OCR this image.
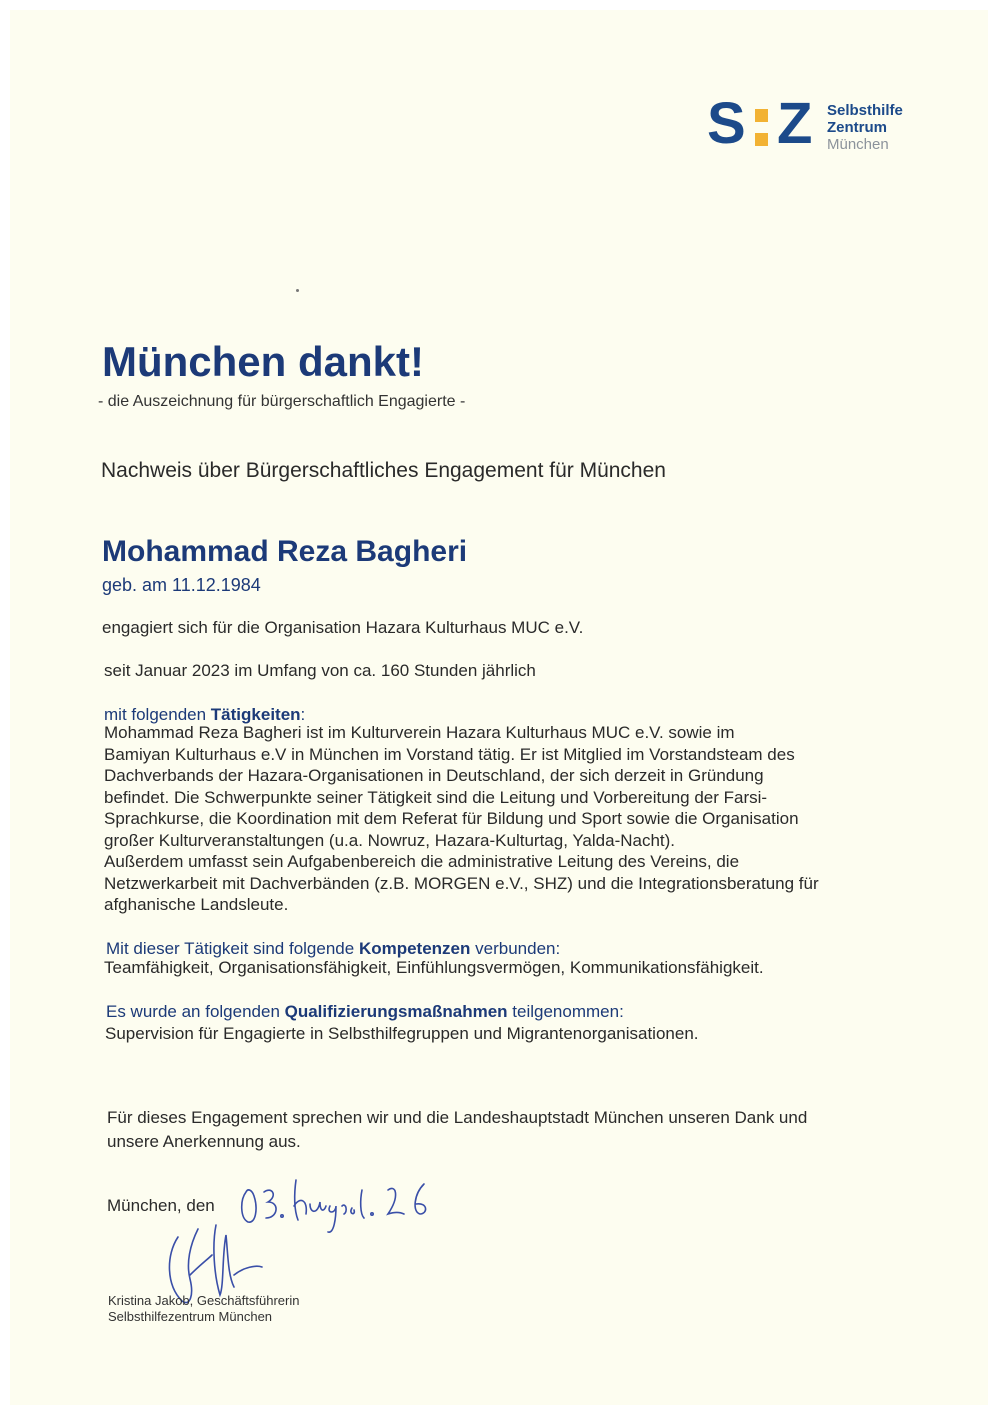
S Z Selbsthilfe
Zentrum
München
München dankt!
- die Auszeichnung für bürgerschaftlich Engagierte -
Nachweis über Bürgerschaftliches Engagement für München
Mohammad Reza Bagheri
geb. am 11.12.1984
engagiert sich für die Organisation Hazara Kulturhaus MUC e.V.
seit Januar 2023 im Umfang von ca. 160 Stunden jährlich
mit folgenden Tätigkeiten:
Mohammad Reza Bagheri ist im Kulturverein Hazara Kulturhaus MUC e.V. sowie im
Bamiyan Kulturhaus e.V in München im Vorstand tätig. Er ist Mitglied im Vorstandsteam des
Dachverbands der Hazara-Organisationen in Deutschland, der sich derzeit in Gründung
befindet. Die Schwerpunkte seiner Tätigkeit sind die Leitung und Vorbereitung der Farsi-
Sprachkurse, die Koordination mit dem Referat für Bildung und Sport sowie die Organisation
großer Kulturveranstaltungen (u.a. Nowruz, Hazara-Kulturtag, Yalda-Nacht).
Außerdem umfasst sein Aufgabenbereich die administrative Leitung des Vereins, die
Netzwerkarbeit mit Dachverbänden (z.B. MORGEN e.V., SHZ) und die Integrationsberatung für
afghanische Landsleute.
Mit dieser Tätigkeit sind folgende Kompetenzen verbunden:
Teamfähigkeit, Organisationsfähigkeit, Einfühlungsvermögen, Kommunikationsfähigkeit.
Es wurde an folgenden Qualifizierungsmaßnahmen teilgenommen:
Supervision für Engagierte in Selbsthilfegruppen und Migrantenorganisationen.
Für dieses Engagement sprechen wir und die Landeshauptstadt München unseren Dank und
unsere Anerkennung aus.
München, den
Kristina Jakob, Geschäftsführerin
Selbsthilfezentrum München
